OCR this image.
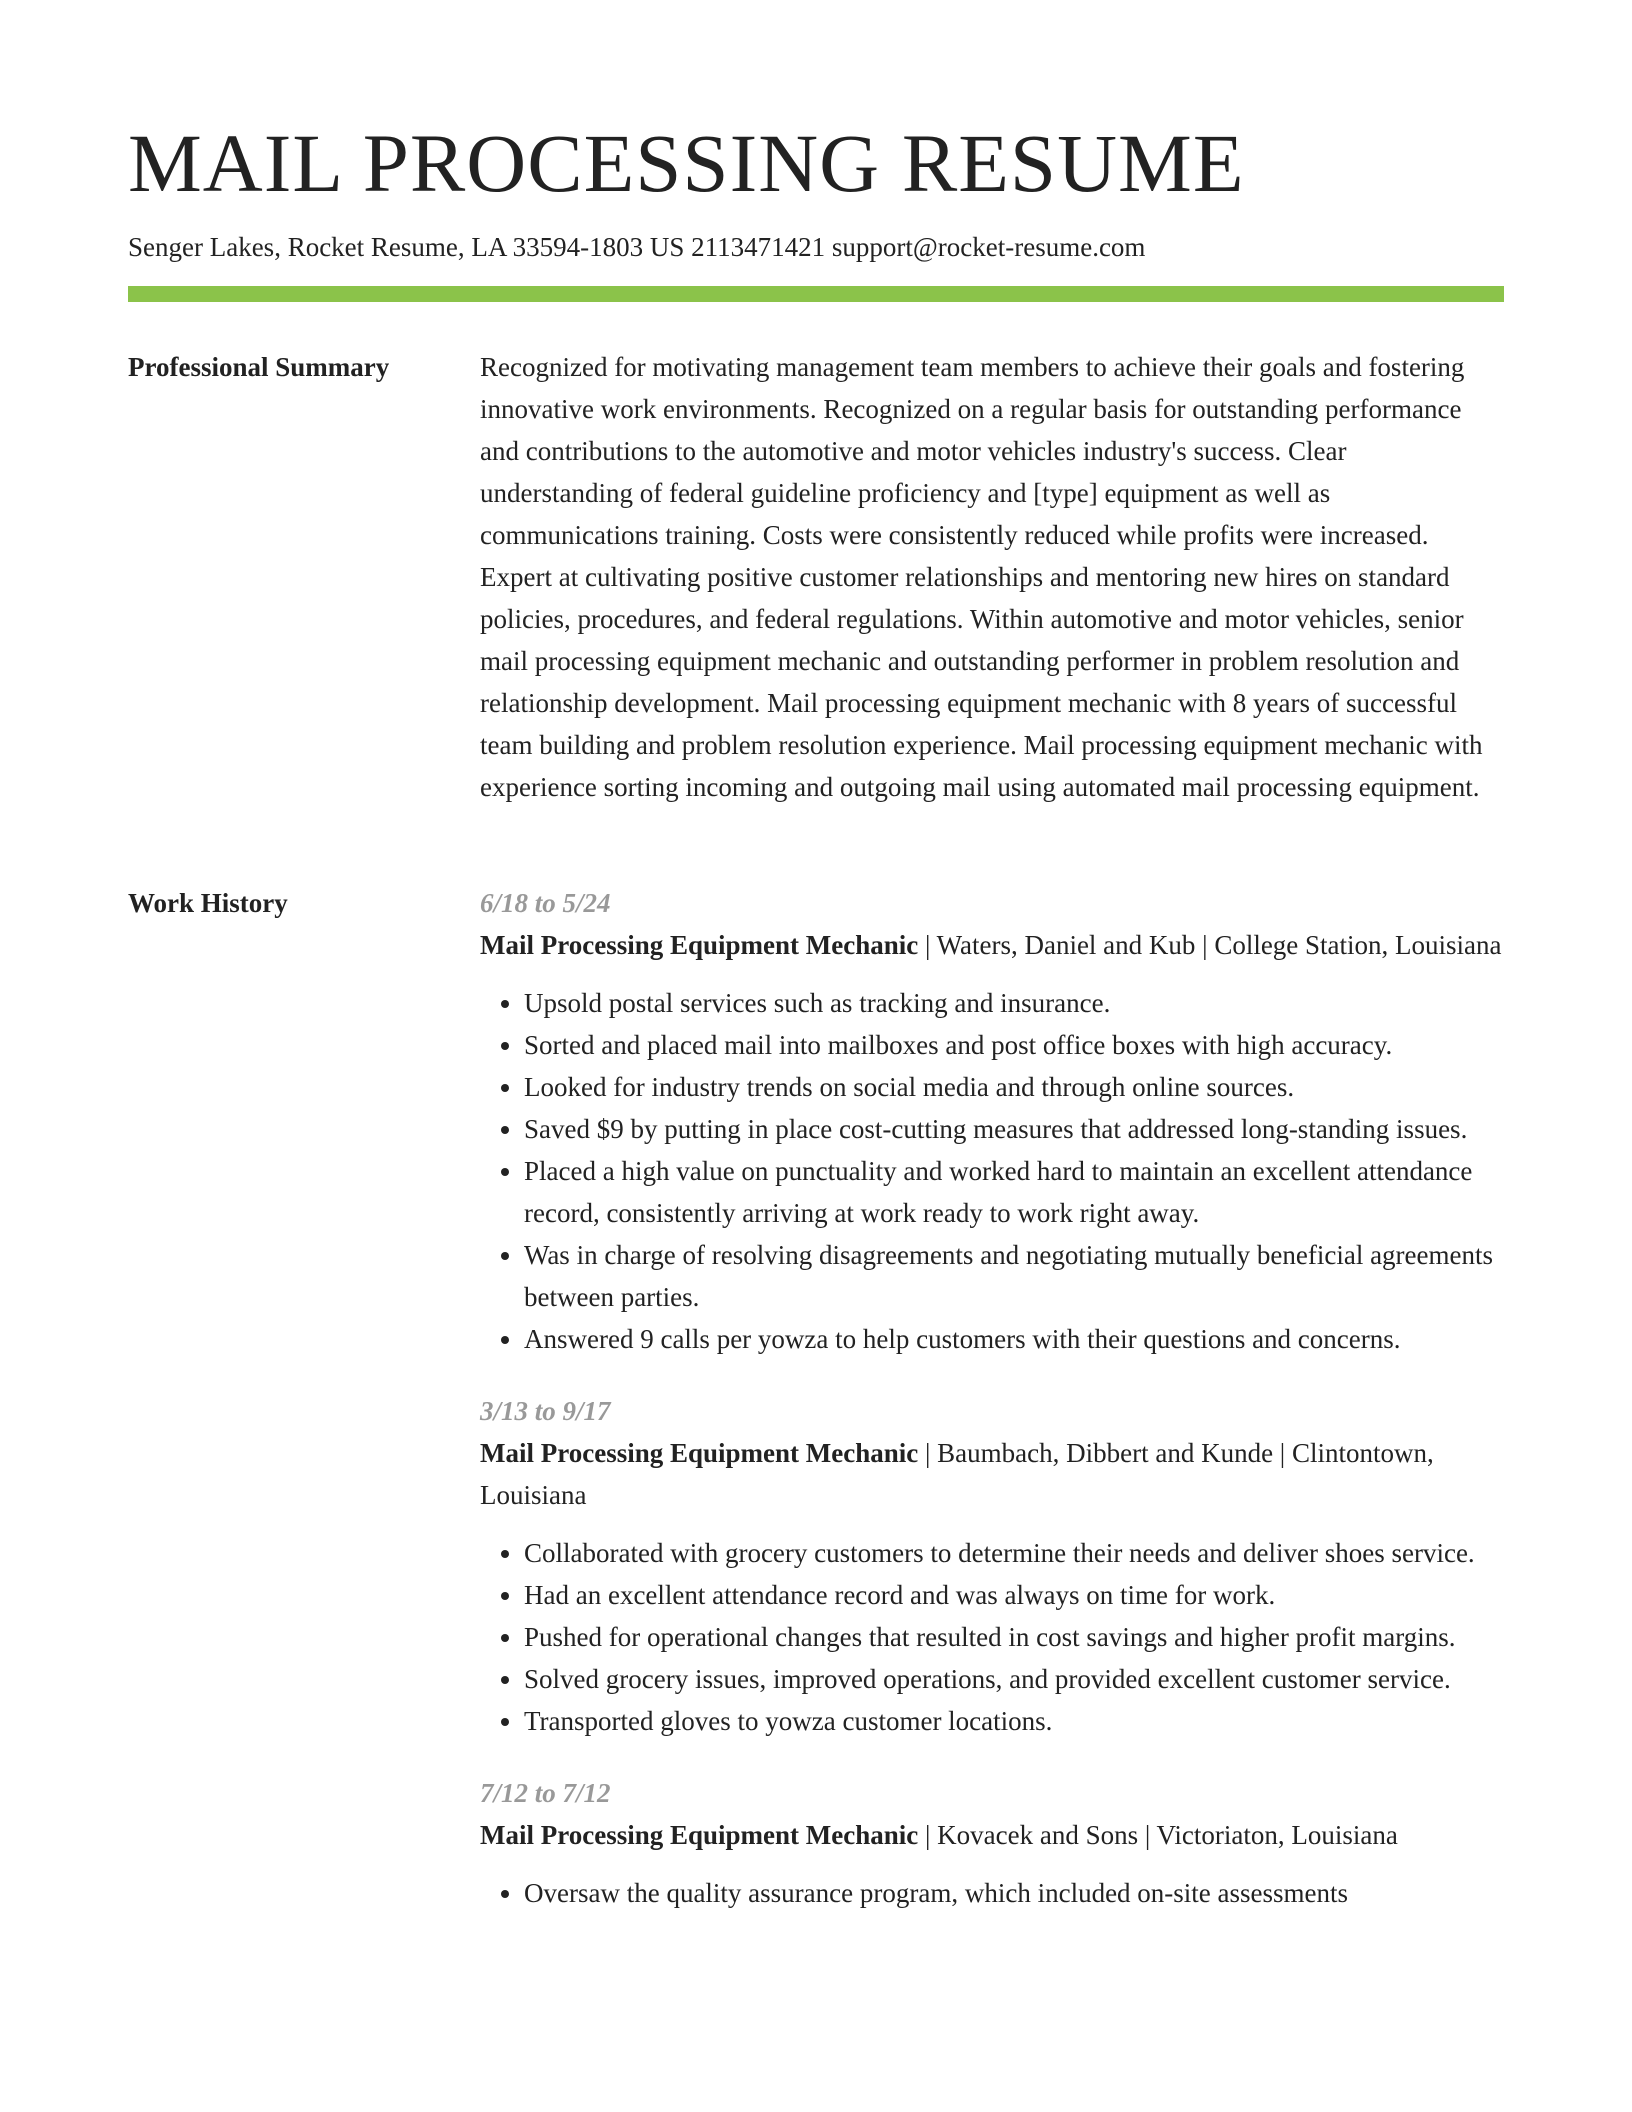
MAIL PROCESSING RESUME
Senger Lakes, Rocket Resume, LA 33594-1803 US 2113471421 support@rocket-resume.com
Professional Summary	Recognized for motivating management team members to achieve their goals and fostering innovative work environments. Recognized on a regular basis for outstanding performance and contributions to the automotive and motor vehicles industry's success. Clear understanding of federal guideline proficiency and [type] equipment as well as communications training. Costs were consistently reduced while profits were increased. Expert at cultivating positive customer relationships and mentoring new hires on standard policies, procedures, and federal regulations. Within automotive and motor vehicles, senior mail processing equipment mechanic and outstanding performer in problem resolution and relationship development. Mail processing equipment mechanic with 8 years of successful team building and problem resolution experience. Mail processing equipment mechanic with experience sorting incoming and outgoing mail using automated mail processing equipment.

Work History	6/18 to 5/24
Mail Processing Equipment Mechanic | Waters, Daniel and Kub | College Station, Louisiana
• Upsold postal services such as tracking and insurance.
• Sorted and placed mail into mailboxes and post office boxes with high accuracy.
• Looked for industry trends on social media and through online sources.
• Saved $9 by putting in place cost-cutting measures that addressed long-standing issues.
• Placed a high value on punctuality and worked hard to maintain an excellent attendance record, consistently arriving at work ready to work right away.
• Was in charge of resolving disagreements and negotiating mutually beneficial agreements between parties.
• Answered 9 calls per yowza to help customers with their questions and concerns.
3/13 to 9/17
Mail Processing Equipment Mechanic | Baumbach, Dibbert and Kunde | Clintontown, Louisiana
• Collaborated with grocery customers to determine their needs and deliver shoes service.
• Had an excellent attendance record and was always on time for work.
• Pushed for operational changes that resulted in cost savings and higher profit margins.
• Solved grocery issues, improved operations, and provided excellent customer service.
• Transported gloves to yowza customer locations.
7/12 to 7/12
Mail Processing Equipment Mechanic | Kovacek and Sons | Victoriaton, Louisiana
• Oversaw the quality assurance program, which included on-site assessments
